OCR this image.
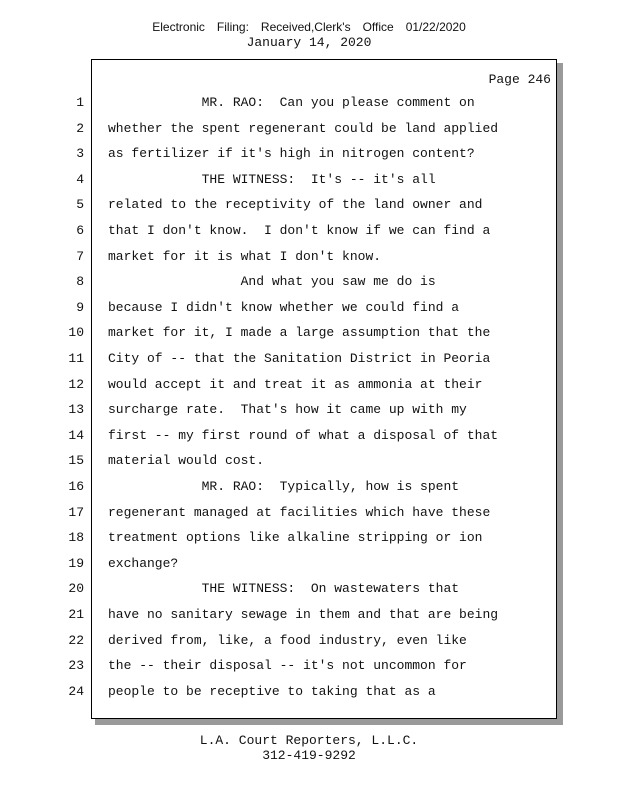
Electronic Filing: Received,Clerk's Office 01/22/2020
January 14, 2020
Page 246
1 MR. RAO:  Can you please comment on
2 whether the spent regenerant could be land applied
3 as fertilizer if it's high in nitrogen content?
4 THE WITNESS:  It's -- it's all
5 related to the receptivity of the land owner and
6 that I don't know.  I don't know if we can find a
7 market for it is what I don't know.
8 And what you saw me do is
9 because I didn't know whether we could find a
10 market for it, I made a large assumption that the
11 City of -- that the Sanitation District in Peoria
12 would accept it and treat it as ammonia at their
13 surcharge rate.  That's how it came up with my
14 first -- my first round of what a disposal of that
15 material would cost.
16 MR. RAO:  Typically, how is spent
17 regenerant managed at facilities which have these
18 treatment options like alkaline stripping or ion
19 exchange?
20 THE WITNESS:  On wastewaters that
21 have no sanitary sewage in them and that are being
22 derived from, like, a food industry, even like
23 the -- their disposal -- it's not uncommon for
24 people to be receptive to taking that as a
L.A. Court Reporters, L.L.C.
312-419-9292
